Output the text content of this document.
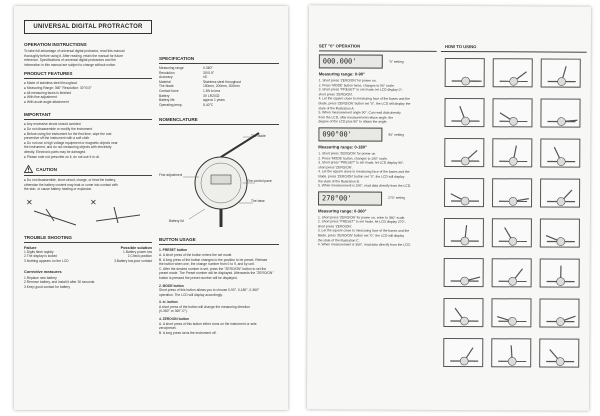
UNIVERSAL DIGITAL PROTRACTOR
OPERATION INSTRUCTIONS
To take full advantage of universal digital protractor, read this manual
thoroughly before using it. After reading, retain the manual for future
reference. Specifications of universal digital protractors and the
information in this manual are subject to change without notice.
PRODUCT FEATURES
● Made of stainless steel throughout
● Measuring Range: 360° Resolution: 30°/0.5°
● All measuring faces is finished
● With fine adjustment
● With acute angle attachment
IMPORTANT
● Any excessive shock should avoided.
● Do not disassemble or modify the instrument.
● Before using the instrument for the first time, wipe the rust
preventive off the instrument with a soft cloth.
● Do not use a high voltage equipment or magnetic objects near
the instrument, and do not measuring objects with electricity
directly. Electronic parts may be damaged.
● Please note not prescribe on it, do not use it in oil.
CAUTION
● Do not disassemble, short-circuit, charge, or heat the battery,
otherwise the battery content may leak or come into contact with
the skin, or cause battery heating or explosion.
✕	✕
TROUBLE SHOOTING
Failure	Possible solution
1.Digits flash rapidly	1.Battery power low
2.The display is locked	2.Check position
3.Nothing appears on the LCD	3.Battery low,poor contact
Corrective measures
1.Replace new battery
2.Remove battery, and install it after 30 seconds.
3.Keep good contact for battery
SPECIFICATION
Measuring range	0-360°
Resolution	30'/0.5°
Accuracy	±5'
Material	Stainless steel throughout
The blade	150mm, 200mm, 300mm
Contact force	1.5N to less
Battery	3V LR2032
Battery life	approx 1 years
Operating temp.	5-40°C
NOMENCLATURE
The blade
Fine adjustment
The control panel
The base
Battery lid
BUTTON USAGE
1. PRESET button
A. A short press of the button enters the set mode.
B. A long press of the button changes to the position to be preset. Release
the button when one, the change number from 0 to 9, and by unit.
C. After the desired number is set, press the "ZERO/ON" button to set the
preset mode. The Preset number will be displayed. Afterwards the "ZERO/ON"
button is pressed the preset number will be displayed.
2. MODE button
Short press of this button allows you to choose 0-90°, 0-180°, 0-360°
operation. The LCD will display accordingly.
3. ±/- button
A short press of the button will change the measuring direction
(0-360° or 360°-0°).
4. ZERO/ON button
A. A short press of this button either turns on the instrument or sets
zero/preset.
B. A long press turns the instrument off.
SET "0" OPERATION
000.000'	"0" setting
Measuring range: 0-90°
1. Short press 'ZERO/ON' for power on.
2. Press 'MODE' button twice, changes to 90° scale.
3. Short press "PRESET" to set mode, let LCD display 0°,
short press 'ZERO/ON'.
4. Let the square close to measuring face of the bases and the
blade, press 'ZERO/ON' button set "0", the LCD will display the
state of the illustration A.
5. When measurement angle 90°, Can read data directly
from the LCD, after measurement refuse angle, the
degree of the LCD plus 90° to obtain the angle.
090°00'	90° setting
Measuring range: 0-180°
1. Short press 'ZERO/ON' for power on.
2. Press 'MODE' button, changes to 180° scale.
3. Short press "PRESET" to set mode, let LCD display 90°,
short press 'ZERO/ON'.
4. Let the square close to measuring face of the bases and the
blade, press 'ZERO/ON' button set "0", the LCD will display
the state of the illustration B.
5. When measurement is 180°, read data directly from the LCD.
270°00'	270° setting
Measuring range: 0-360°
1. Short press 'ZERO/ON' for power on, enter to 360° scale.
2. Short press "PRESET" to set mode, let LCD display 270°,
short press 'ZERO/ON'.
3. Let the square close to measuring face of the bases and the
blade, press 'ZERO/ON' button set "0", the LCD will display
the state of the illustration C.
4. When measurement is 360°, read data directly from the LCD.
HOW TO USING
